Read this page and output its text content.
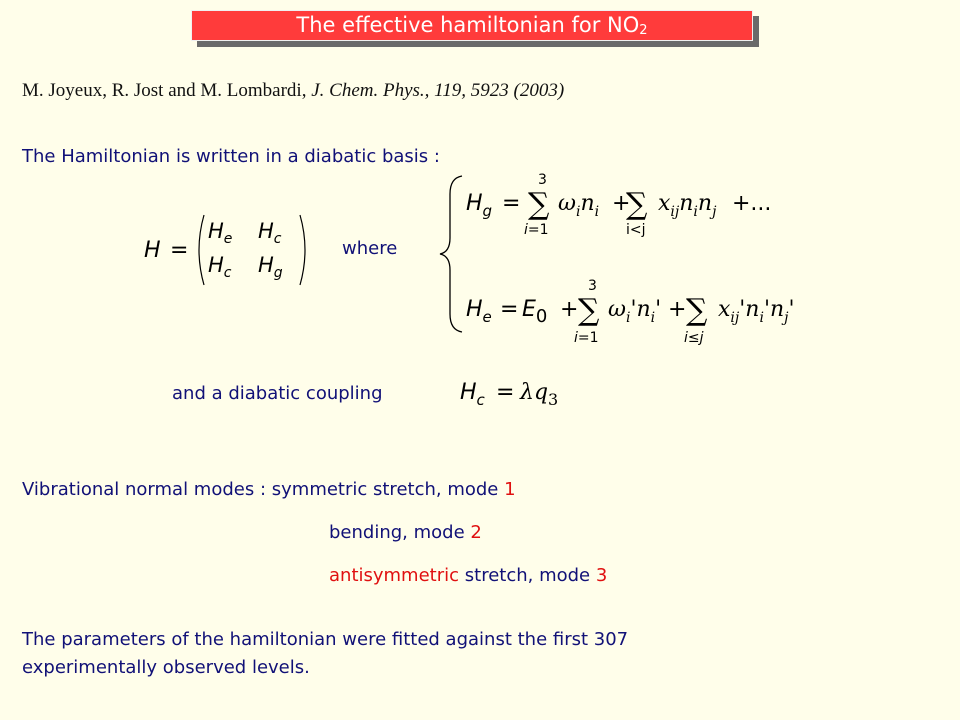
The effective hamiltonian for $NO_2$
M. Joyeux, R. Jost and M. Lombardi, J. Chem. Phys., 119, 5923 (2003)
The Hamiltonian is written in a diabatic basis :
H =
$H_e$ $H_c$
$H_c$ $H_g$
where
$H_g$ =
3
∑
i=1
$\omega_in_i$ +
∑
i<j
$x_{ij}n_in_j$ +...
$H_e = E_0$ +
3
∑
i=1
$\omega_i'n_i'$ + ∑
i≤j
$x_{ij}'n_i'n_j'$
and a diabatic coupling	$H_c = \lambda q_3$
Vibrational normal modes : symmetric stretch, mode 1
bending, mode 2
antisymmetric stretch, mode 3
The parameters of the hamiltonian were fitted against the first 307
experimentally observed levels.
